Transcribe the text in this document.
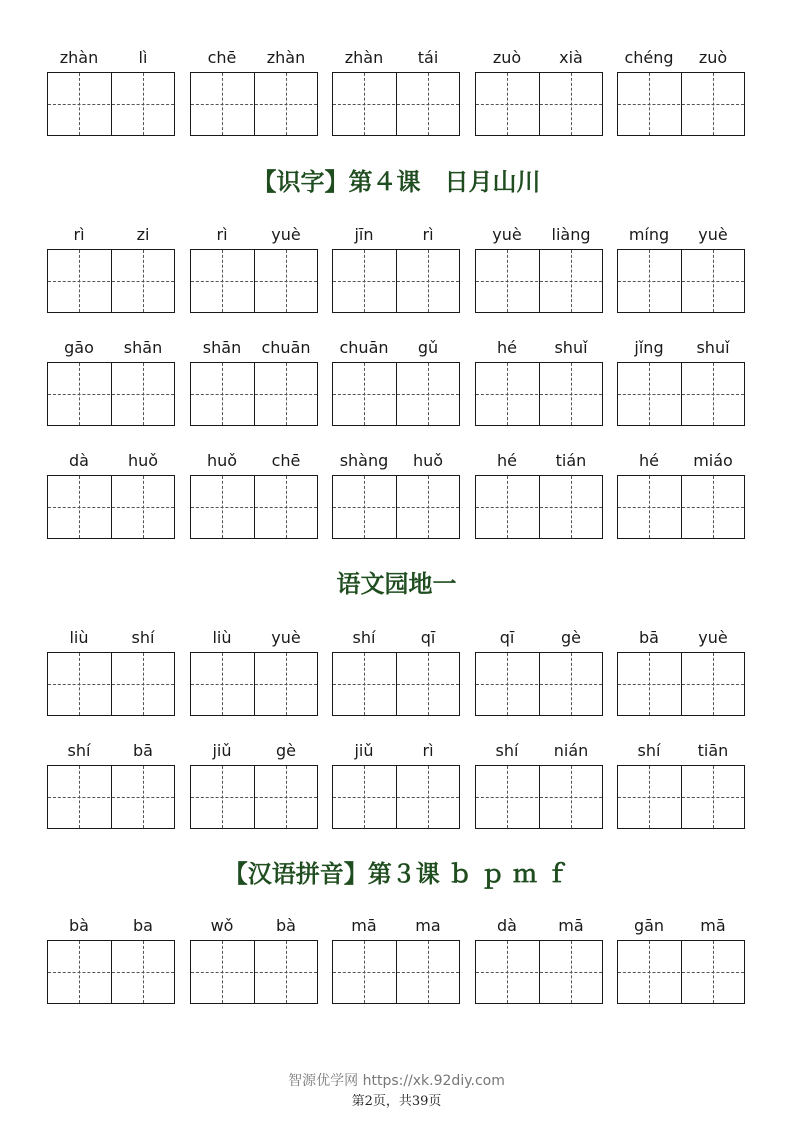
zhàn	lì	chē	zhàn	zhàn	tái	zuò	xià	chéng	zuò
rì	zi	rì	yuè	jīn	rì	yuè	liàng	míng	yuè
gāo	shān	shān	chuān	chuān	gǔ	hé	shuǐ	jǐng	shuǐ
dà	huǒ	huǒ	chē	shàng	huǒ	hé	tián	hé	miáo
liù	shí	liù	yuè	shí	qī	qī	gè	bā	yuè
shí	bā	jiǔ	gè	jiǔ	rì	shí	nián	shí	tiān
bà	ba	wǒ	bà	mā	ma	dà	mā	gān	mā
【识字】第４课　日月山川
语文园地一
【汉语拼音】第３课 ｂ ｐ ｍ ｆ
智源优学网 https://xk.92diy.com
第2页，共39页
